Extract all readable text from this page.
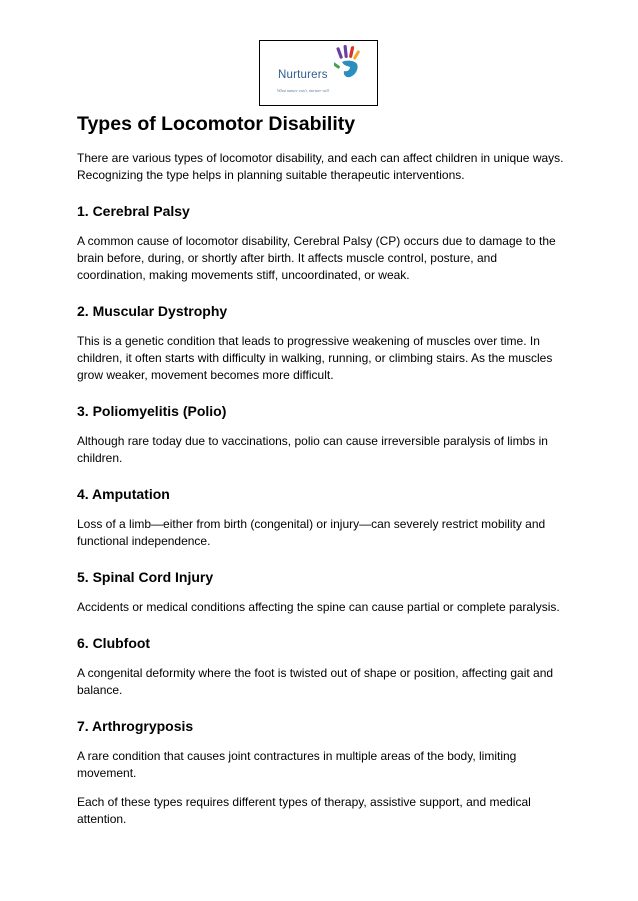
Nurturers
What nature can't, nurture will.
Types of Locomotor Disability

There are various types of locomotor disability, and each can affect children in unique ways. Recognizing the type helps in planning suitable therapeutic interventions.

1. Cerebral Palsy

A common cause of locomotor disability, Cerebral Palsy (CP) occurs due to damage to the brain before, during, or shortly after birth. It affects muscle control, posture, and coordination, making movements stiff, uncoordinated, or weak.

2. Muscular Dystrophy

This is a genetic condition that leads to progressive weakening of muscles over time. In children, it often starts with difficulty in walking, running, or climbing stairs. As the muscles grow weaker, movement becomes more difficult.

3. Poliomyelitis (Polio)

Although rare today due to vaccinations, polio can cause irreversible paralysis of limbs in children.

4. Amputation

Loss of a limb—either from birth (congenital) or injury—can severely restrict mobility and functional independence.

5. Spinal Cord Injury

Accidents or medical conditions affecting the spine can cause partial or complete paralysis.

6. Clubfoot

A congenital deformity where the foot is twisted out of shape or position, affecting gait and balance.

7. Arthrogryposis

A rare condition that causes joint contractures in multiple areas of the body, limiting movement.

Each of these types requires different types of therapy, assistive support, and medical attention.
